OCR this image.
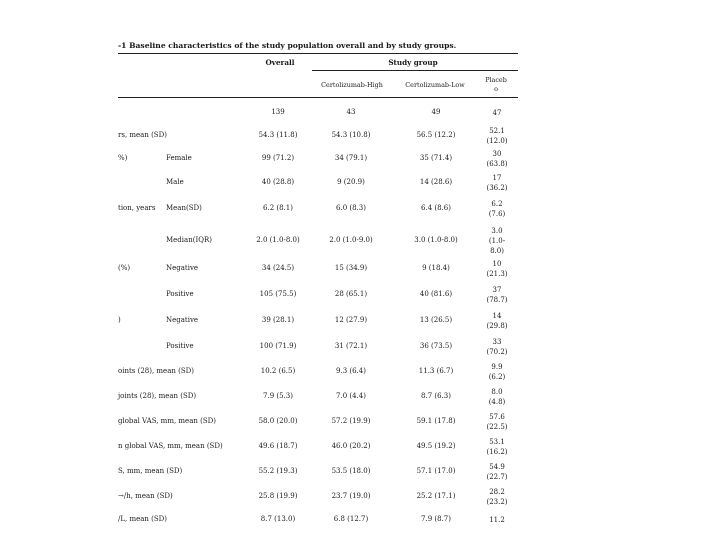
-1 Baseline characteristics of the study population overall and by study groups.
Overall	Study group
Certolizumab-High	Certolizumab-Low
Placeb
o
139	43	49	47
rs, mean (SD)	54.3 (11.8)	54.3 (10.8)	56.5 (12.2)	52.1
(12.0)
%)	Female	99 (71.2)	34 (79.1)	35 (71.4)	30
(63.8)
Male	40 (28.8)	9 (20.9)	14 (28.6)	17
(36.2)
tion, years Mean(SD)	6.2 (8.1)	6.0 (8.3)	6.4 (8.6)	6.2
(7.6)
Median(IQR)	2.0 (1.0-8.0)	2.0 (1.0-9.0)	3.0 (1.0-8.0)
3.0
(1.0-
8.0)
(%)	Negative	34 (24.5)	15 (34.9)	9 (18.4)	10
(21.3)
Positive	105 (75.5)	28 (65.1)	40 (81.6)	37
(78.7)
)	Negative	39 (28.1)	12 (27.9)	13 (26.5)	14
(29.8)
Positive	100 (71.9)	31 (72.1)	36 (73.5)	33
(70.2)
oints (28), mean (SD)	10.2 (6.5)	9.3 (6.4)	11.3 (6.7)	9.9
(6.2)
joints (28), mean (SD)	7.9 (5.3)	7.0 (4.4)	8.7 (6.3)	8.0
(4.8)
global VAS, mm, mean (SD)	58.0 (20.0)	57.2 (19.9)	59.1 (17.8)	57.6
(22.5)
n global VAS, mm, mean (SD)	49.6 (18.7)	46.0 (20.2)	49.5 (19.2)	53.1
(16.2)
S, mm, mean (SD)	55.2 (19.3)	53.5 (18.0)	57.1 (17.0)	54.9
(22.7)
→/h, mean (SD)	25.8 (19.9)	23.7 (19.0)	25.2 (17.1)	28.2
(23.2)
/L, mean (SD)	8.7 (13.0)	6.8 (12.7)	7.9 (8.7)	11.2
